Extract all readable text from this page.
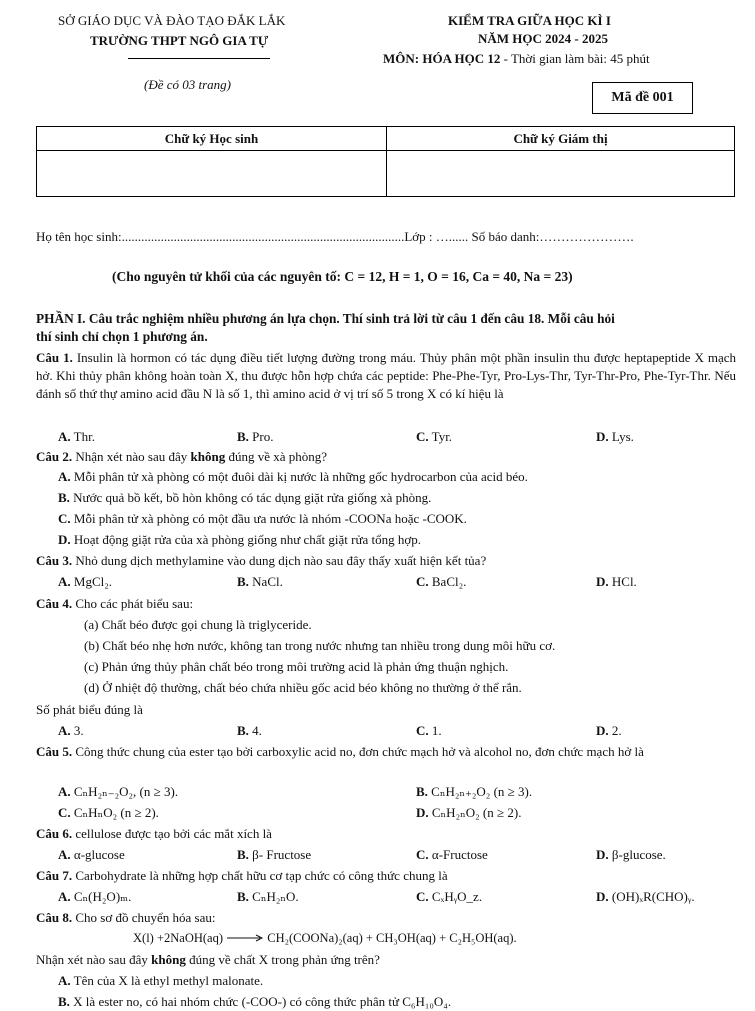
SỞ GIÁO DỤC VÀ ĐÀO TẠO ĐẮK LẮK
TRƯỜNG THPT NGÔ GIA TỰ
(Đề có 03 trang)
KIỂM TRA GIỮA HỌC KÌ I
NĂM HỌC 2024 - 2025
MÔN: HÓA HỌC 12 - Thời gian làm bài: 45 phút
Mã đề 001
Chữ ký Học sinh	Chữ ký Giám thị

Họ tên học sinh:.......................................................................................Lớp : …...... Số báo danh:………………….
(Cho nguyên tử khối của các nguyên tố: C = 12, H = 1, O = 16, Ca = 40, Na = 23)
PHẦN I. Câu trắc nghiệm nhiều phương án lựa chọn. Thí sinh trả lời từ câu 1 đến câu 18. Mỗi câu hỏi
thí sinh chỉ chọn 1 phương án.
Câu 1. Insulin là hormon có tác dụng điều tiết lượng đường trong máu. Thủy phân một phần insulin thu được heptapeptide X mạch hở. Khi thủy phân không hoàn toàn X, thu được hỗn hợp chứa các peptide: Phe-Phe-Tyr, Pro-Lys-Thr, Tyr-Thr-Pro, Phe-Tyr-Thr. Nếu đánh số thứ thự amino acid đầu N là số 1, thì amino acid ở vị trí số 5 trong X có kí hiệu là
A. Thr.	B. Pro.	C. Tyr.	D. Lys.
Câu 2. Nhận xét nào sau đây không đúng về xà phòng?
A. Mỗi phân tử xà phòng có một đuôi dài kị nước là những gốc hydrocarbon của acid béo.
B. Nước quả bồ kết, bồ hòn không có tác dụng giặt rửa giống xà phòng.
C. Mỗi phân tử xà phòng có một đầu ưa nước là nhóm -COONa hoặc -COOK.
D. Hoạt động giặt rửa của xà phòng giống như chất giặt rửa tổng hợp.
Câu 3. Nhỏ dung dịch methylamine vào dung dịch nào sau đây thấy xuất hiện kết tủa?
A. MgCl₂.	B. NaCl.	C. BaCl₂.	D. HCl.
Câu 4. Cho các phát biểu sau:
(a) Chất béo được gọi chung là triglyceride.
(b) Chất béo nhẹ hơn nước, không tan trong nước nhưng tan nhiều trong dung môi hữu cơ.
(c) Phản ứng thủy phân chất béo trong môi trường acid là phản ứng thuận nghịch.
(d) Ở nhiệt độ thường, chất béo chứa nhiều gốc acid béo không no thường ở thể rắn.
Số phát biểu đúng là
A. 3.	B. 4.	C. 1.	D. 2.
Câu 5. Công thức chung của ester tạo bởi carboxylic acid no, đơn chức mạch hở và alcohol no, đơn chức mạch hở là
A. CₙH₂ₙ₋₂O₂, (n ≥ 3).	B. CₙH₂ₙ₊₂O₂ (n ≥ 3).
C. CₙHₙO₂ (n ≥ 2).	D. CₙH₂ₙO₂ (n ≥ 2).
Câu 6. cellulose được tạo bởi các mắt xích là
A. α-glucose	B. β- Fructose	C. α-Fructose	D. β-glucose.
Câu 7. Carbohydrate là những hợp chất hữu cơ tạp chức có công thức chung là
A. Cₙ(H₂O)ₘ.	B. CₙH₂ₙO.	C. CₓHᵧO_z.	D. (OH)ₓR(CHO)ᵧ.
Câu 8. Cho sơ đồ chuyển hóa sau:
X(l) +2NaOH(aq) → CH₂(COONa)₂(aq) + CH₃OH(aq) + C₂H₅OH(aq).
Nhận xét nào sau đây không đúng về chất X trong phản ứng trên?
A. Tên của X là ethyl methyl malonate.
B. X là ester no, có hai nhóm chức (-COO-) có công thức phân tử C₆H₁₀O₄.
